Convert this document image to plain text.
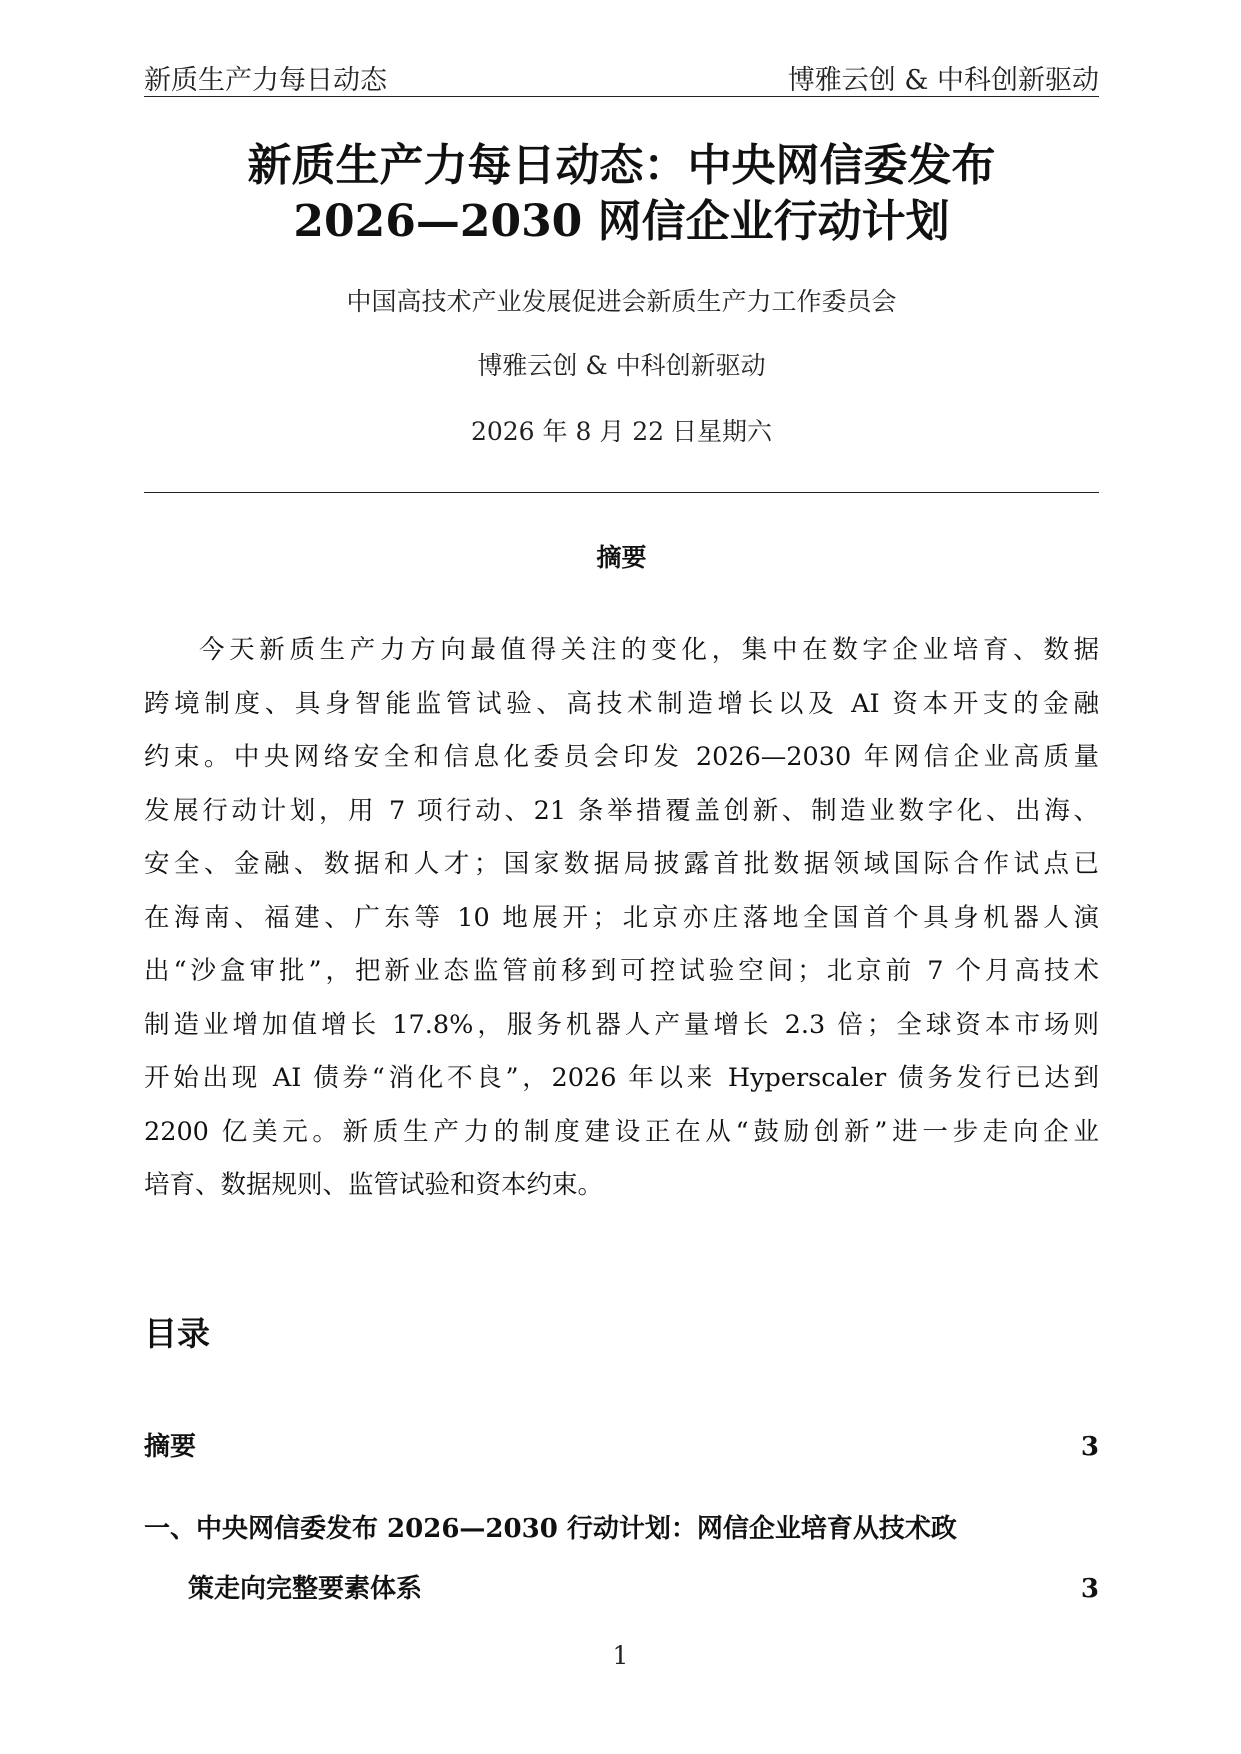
新质生产力每日动态	博雅云创 & 中科创新驱动
新质生产力每日动态：中央网信委发布
2026—2030 网信企业行动计划
中国高技术产业发展促进会新质生产力工作委员会
博雅云创 & 中科创新驱动
2026 年 8 月 22 日星期六
摘要

今天新质生产力方向最值得关注的变化，集中在数字企业培育、数据
跨境制度、具身智能监管试验、高技术制造增长以及 AI 资本开支的金融
约束。中央网络安全和信息化委员会印发 2026—2030 年网信企业高质量
发展行动计划，用 7 项行动、21 条举措覆盖创新、制造业数字化、出海、
安全、金融、数据和人才；国家数据局披露首批数据领域国际合作试点已
在海南、福建、广东等 10 地展开；北京亦庄落地全国首个具身机器人演
出“沙盒审批”，把新业态监管前移到可控试验空间；北京前 7 个月高技术
制造业增加值增长 17.8%，服务机器人产量增长 2.3 倍；全球资本市场则
开始出现 AI 债券“消化不良”，2026 年以来 Hyperscaler 债务发行已达到
2200 亿美元。新质生产力的制度建设正在从“鼓励创新”进一步走向企业
培育、数据规则、监管试验和资本约束。

目录
摘要	3
一、中央网信委发布 2026—2030 行动计划：网信企业培育从技术政
策走向完整要素体系	3
1
